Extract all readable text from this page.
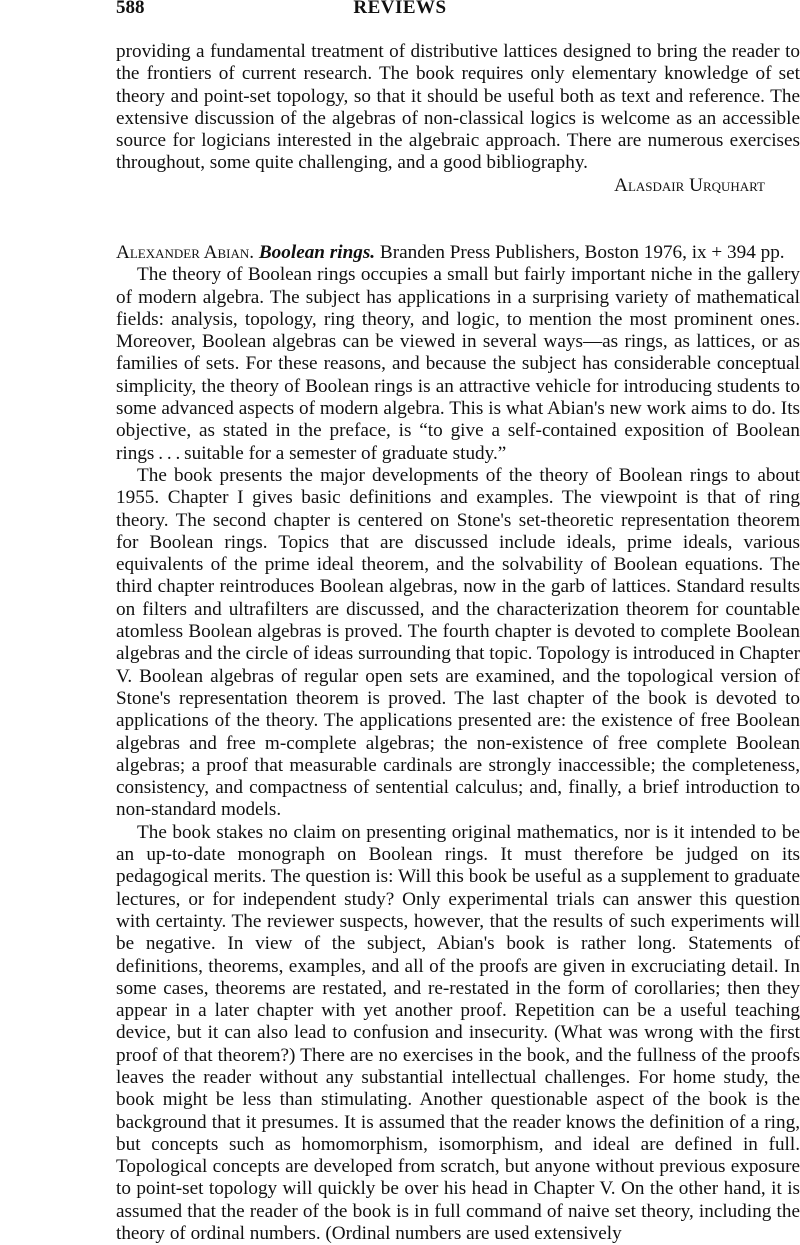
588	REVIEWS

providing a fundamental treatment of distributive lattices designed to bring the reader to the frontiers of current research. The book requires only elementary knowledge of set theory and point-set topology, so that it should be useful both as text and reference. The extensive discussion of the algebras of non-classical logics is welcome as an accessible source for logicians interested in the algebraic approach. There are numerous exercises throughout, some quite challenging, and a good bibliography.

Alasdair Urquhart

Alexander Abian. Boolean rings. Branden Press Publishers, Boston 1976, ix + 394 pp.

The theory of Boolean rings occupies a small but fairly important niche in the gallery of modern algebra. The subject has applications in a surprising variety of mathematical fields: analysis, topology, ring theory, and logic, to mention the most prominent ones. Moreover, Boolean algebras can be viewed in several ways—as rings, as lattices, or as families of sets. For these reasons, and because the subject has considerable conceptual simplicity, the theory of Boolean rings is an attractive vehicle for introducing students to some advanced aspects of modern algebra. This is what Abian's new work aims to do. Its objective, as stated in the preface, is “to give a self-contained exposition of Boolean rings . . . suitable for a semester of graduate study.”

The book presents the major developments of the theory of Boolean rings to about 1955. Chapter I gives basic definitions and examples. The viewpoint is that of ring theory. The second chapter is centered on Stone's set-theoretic representation theorem for Boolean rings. Topics that are discussed include ideals, prime ideals, various equivalents of the prime ideal theorem, and the solvability of Boolean equations. The third chapter reintroduces Boolean algebras, now in the garb of lattices. Standard results on filters and ultrafilters are discussed, and the characterization theorem for countable atomless Boolean algebras is proved. The fourth chapter is devoted to complete Boolean algebras and the circle of ideas surrounding that topic. Topology is introduced in Chapter V. Boolean algebras of regular open sets are examined, and the topological version of Stone's representation theorem is proved. The last chapter of the book is devoted to applications of the theory. The applications presented are: the existence of free Boolean algebras and free m-complete algebras; the non-existence of free complete Boolean algebras; a proof that measurable cardinals are strongly inaccessible; the completeness, consistency, and compactness of sentential calculus; and, finally, a brief introduction to non-standard models.

The book stakes no claim on presenting original mathematics, nor is it intended to be an up-to-date monograph on Boolean rings. It must therefore be judged on its pedagogical merits. The question is: Will this book be useful as a supplement to graduate lectures, or for independent study? Only experimental trials can answer this question with certainty. The reviewer suspects, however, that the results of such experiments will be negative. In view of the subject, Abian's book is rather long. Statements of definitions, theorems, examples, and all of the proofs are given in excruciating detail. In some cases, theorems are restated, and re-restated in the form of corollaries; then they appear in a later chapter with yet another proof. Repetition can be a useful teaching device, but it can also lead to confusion and insecurity. (What was wrong with the first proof of that theorem?) There are no exercises in the book, and the fullness of the proofs leaves the reader without any substantial intellectual challenges. For home study, the book might be less than stimulating. Another questionable aspect of the book is the background that it presumes. It is assumed that the reader knows the definition of a ring, but concepts such as homomorphism, isomorphism, and ideal are defined in full. Topological concepts are developed from scratch, but anyone without previous exposure to point-set topology will quickly be over his head in Chapter V. On the other hand, it is assumed that the reader of the book is in full command of naive set theory, including the theory of ordinal numbers. (Ordinal numbers are used extensively
